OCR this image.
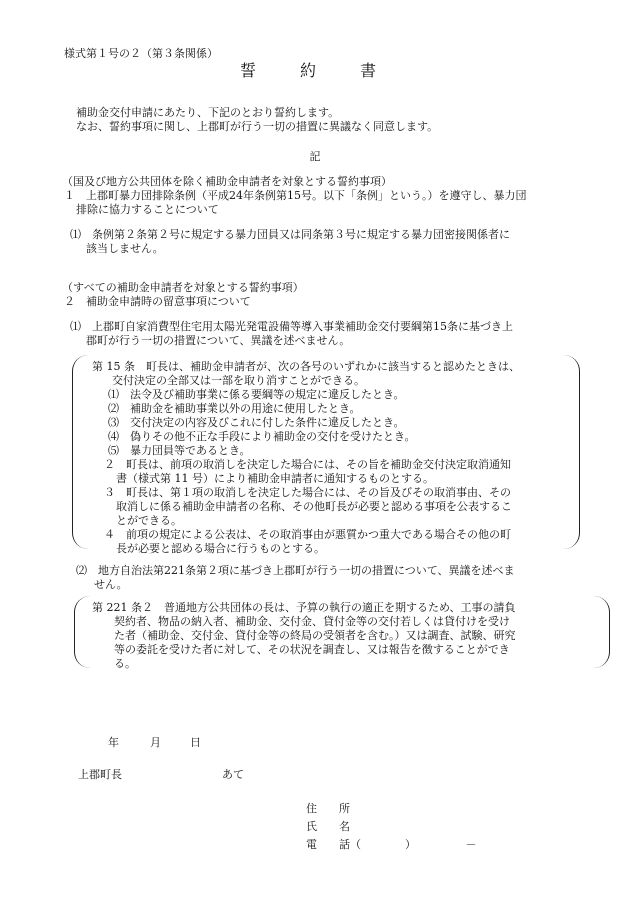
様式第１号の２（第３条関係）
誓　約　書
補助金交付申請にあたり、下記のとおり誓約します。
なお、誓約事項に関し、上郡町が行う一切の措置に異議なく同意します。
記
（国及び地方公共団体を除く補助金申請者を対象とする誓約事項）
１　上郡町暴力団排除条例（平成24年条例第15号。以下「条例」という。）を遵守し、暴力団
排除に協力することについて
⑴　条例第２条第２号に規定する暴力団員又は同条第３号に規定する暴力団密接関係者に
該当しません。
（すべての補助金申請者を対象とする誓約事項）
２　補助金申請時の留意事項について
⑴　上郡町自家消費型住宅用太陽光発電設備等導入事業補助金交付要綱第15条に基づき上
郡町が行う一切の措置について、異議を述べません。
第 15 条　町長は、補助金申請者が、次の各号のいずれかに該当すると認めたときは、
交付決定の全部又は一部を取り消すことができる。
⑴　法令及び補助事業に係る要綱等の規定に違反したとき。
⑵　補助金を補助事業以外の用途に使用したとき。
⑶　交付決定の内容及びこれに付した条件に違反したとき。
⑷　偽りその他不正な手段により補助金の交付を受けたとき。
⑸　暴力団員等であるとき。
２　町長は、前項の取消しを決定した場合には、その旨を補助金交付決定取消通知
書（様式第 11 号）により補助金申請者に通知するものとする。
３　町長は、第１項の取消しを決定した場合には、その旨及びその取消事由、その
取消しに係る補助金申請者の名称、その他町長が必要と認める事項を公表するこ
とができる。
４　前項の規定による公表は、その取消事由が悪質かつ重大である場合その他の町
長が必要と認める場合に行うものとする。
⑵　地方自治法第221条第２項に基づき上郡町が行う一切の措置について、異議を述べま
せん。
第 221 条２　普通地方公共団体の長は、予算の執行の適正を期するため、工事の請負
契約者、物品の納入者、補助金、交付金、貸付金等の交付若しくは貸付けを受け
た者（補助金、交付金、貸付金等の終局の受領者を含む。）又は調査、試験、研究
等の委託を受けた者に対して、その状況を調査し、又は報告を徴することができ
る。
年	月	日
上郡町長	あて
住　　所
氏　　名
電　　話（　　　　）　　　　　－
